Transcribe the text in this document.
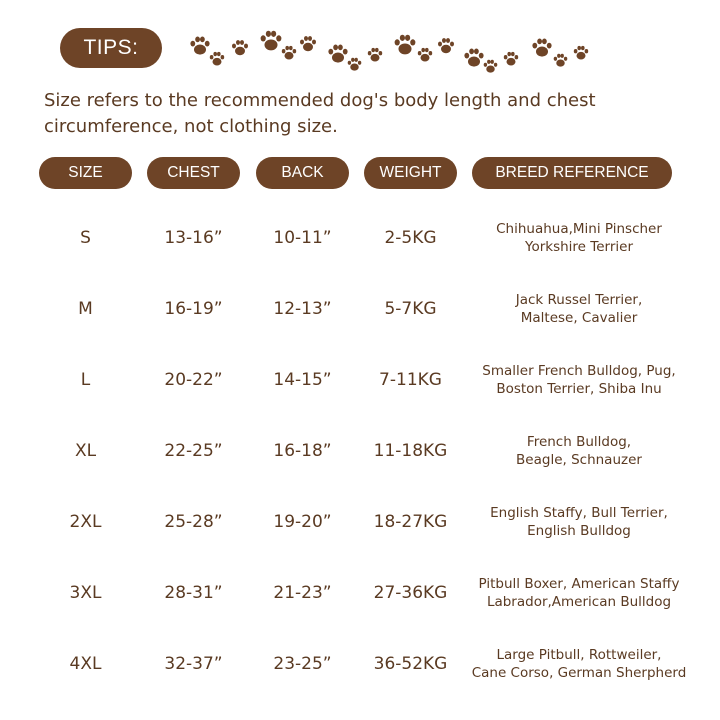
TIPS:
Size refers to the recommended dog's body length and chest circumference, not clothing size.
SIZE	CHEST	BACK	WEIGHT	BREED REFERENCE
S	13-16”	10-11”	2-5KG	Chihuahua,Mini Pinscher
Yorkshire Terrier
M	16-19”	12-13”	5-7KG	Jack Russel Terrier,
Maltese, Cavalier
L	20-22”	14-15”	7-11KG	Smaller French Bulldog, Pug,
Boston Terrier, Shiba Inu
XL	22-25”	16-18”	11-18KG	French Bulldog,
Beagle, Schnauzer
2XL	25-28”	19-20”	18-27KG	English Staffy, Bull Terrier,
English Bulldog
3XL	28-31”	21-23”	27-36KG	Pitbull Boxer, American Staffy
Labrador,American Bulldog
4XL	32-37”	23-25”	36-52KG	Large Pitbull, Rottweiler,
Cane Corso, German Sherpherd
